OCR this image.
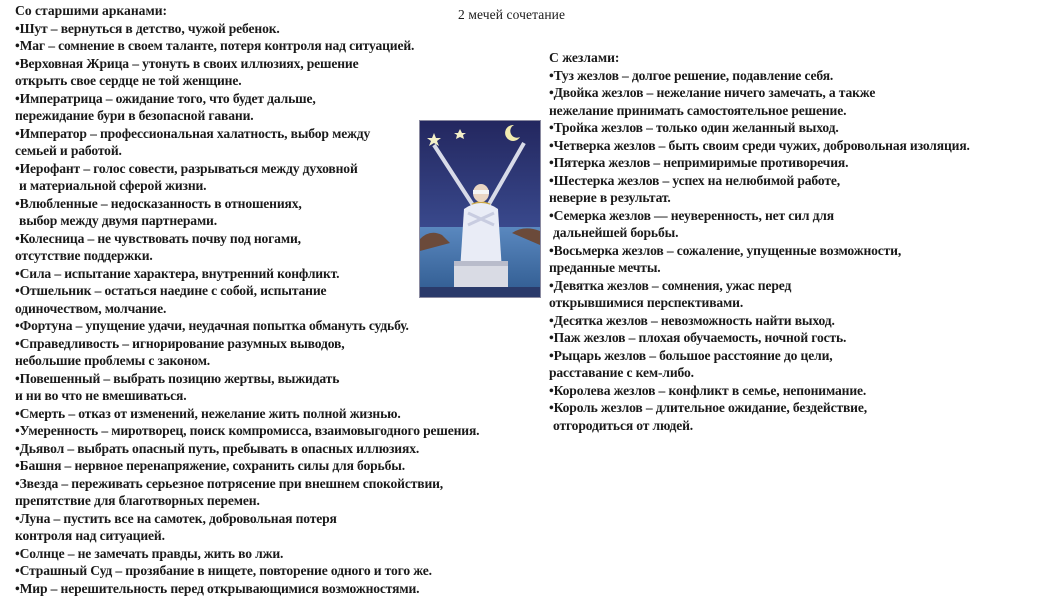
2 мечей сочетание
Со старшими арканами:
•Шут – вернуться в детство, чужой ребенок.
•Маг – сомнение в своем таланте, потеря контроля над ситуацией.
•Верховная Жрица – утонуть в своих иллюзиях, решение
открыть свое сердце не той женщине.
•Императрица – ожидание того, что будет дальше,
пережидание бури в безопасной гавани.
•Император – профессиональная халатность, выбор между
семьей и работой.
•Иерофант – голос совести, разрываться между духовной
и материальной сферой жизни.
•Влюбленные – недосказанность в отношениях,
выбор между двумя партнерами.
•Колесница – не чувствовать почву под ногами,
отсутствие поддержки.
•Сила – испытание характера, внутренний конфликт.
•Отшельник – остаться наедине с собой, испытание
одиночеством, молчание.
•Фортуна – упущение удачи, неудачная попытка обмануть судьбу.
•Справедливость – игнорирование разумных выводов,
небольшие проблемы с законом.
•Повешенный – выбрать позицию жертвы, выжидать
и ни во что не вмешиваться.
•Смерть – отказ от изменений, нежелание жить полной жизнью.
•Умеренность – миротворец, поиск компромисса, взаимовыгодного решения.
•Дьявол – выбрать опасный путь, пребывать в опасных иллюзиях.
•Башня – нервное перенапряжение, сохранить силы для борьбы.
•Звезда – переживать серьезное потрясение при внешнем спокойствии,
препятствие для благотворных перемен.
•Луна – пустить все на самотек, добровольная потеря
контроля над ситуацией.
•Солнце – не замечать правды, жить во лжи.
•Страшный Суд – прозябание в нищете, повторение одного и того же.
•Мир – нерешительность перед открывающимися возможностями.
С жезлами:
•Туз жезлов – долгое решение, подавление себя.
•Двойка жезлов – нежелание ничего замечать, а также
нежелание принимать самостоятельное решение.
•Тройка жезлов – только один желанный выход.
•Четверка жезлов – быть своим среди чужих, добровольная изоляция.
•Пятерка жезлов – непримиримые противоречия.
•Шестерка жезлов – успех на нелюбимой работе,
неверие в результат.
•Семерка жезлов — неуверенность, нет сил для
дальнейшей борьбы.
•Восьмерка жезлов – сожаление, упущенные возможности,
преданные мечты.
•Девятка жезлов – сомнения, ужас перед
открывшимися перспективами.
•Десятка жезлов – невозможность найти выход.
•Паж жезлов – плохая обучаемость, ночной гость.
•Рыцарь жезлов – большое расстояние до цели,
расставание с кем-либо.
•Королева жезлов – конфликт в семье, непонимание.
•Король жезлов – длительное ожидание, бездействие,
отгородиться от людей.
